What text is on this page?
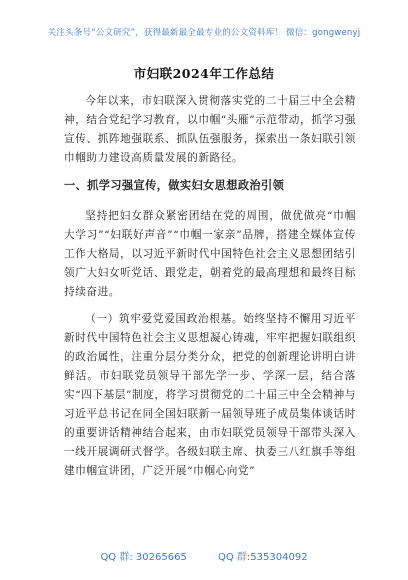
关注头条号“公文研究”，获得最新最全最专业的公文资料库！ 微信：gongwenyj
市妇联2024年工作总结

今年以来，市妇联深入贯彻落实党的二十届三中全会精神，结合党纪学习教育，以巾帼“头雁”示范带动，抓学习强宣传、抓阵地强联系、抓队伍强服务，探索出一条妇联引领巾帼助力建设高质量发展的新路径。

一、抓学习强宣传，做实妇女思想政治引领

坚持把妇女群众紧密团结在党的周围，做优做亮“巾帼大学习”“妇联好声音”“巾帼一家亲”品牌，搭建全媒体宣传工作大格局，以习近平新时代中国特色社会主义思想团结引领广大妇女听党话、跟党走，朝着党的最高理想和最终目标持续奋进。

（一）筑牢爱党爱国政治根基。始终坚持不懈用习近平新时代中国特色社会主义思想凝心铸魂，牢牢把握妇联组织的政治属性，注重分层分类分众，把党的创新理论讲明白讲鲜活。市妇联党员领导干部先学一步、学深一层，结合落实“四下基层”制度，将学习贯彻党的二十届三中全会精神与习近平总书记在同全国妇联新一届领导班子成员集体谈话时的重要讲话精神结合起来，由市妇联党员领导干部带头深入一线开展调研式督学。各级妇联主席、执委三八红旗手等组建巾帼宣讲团，广泛开展“巾帼心向党”

QQ 群: 30265665	QQ 群:535304092
